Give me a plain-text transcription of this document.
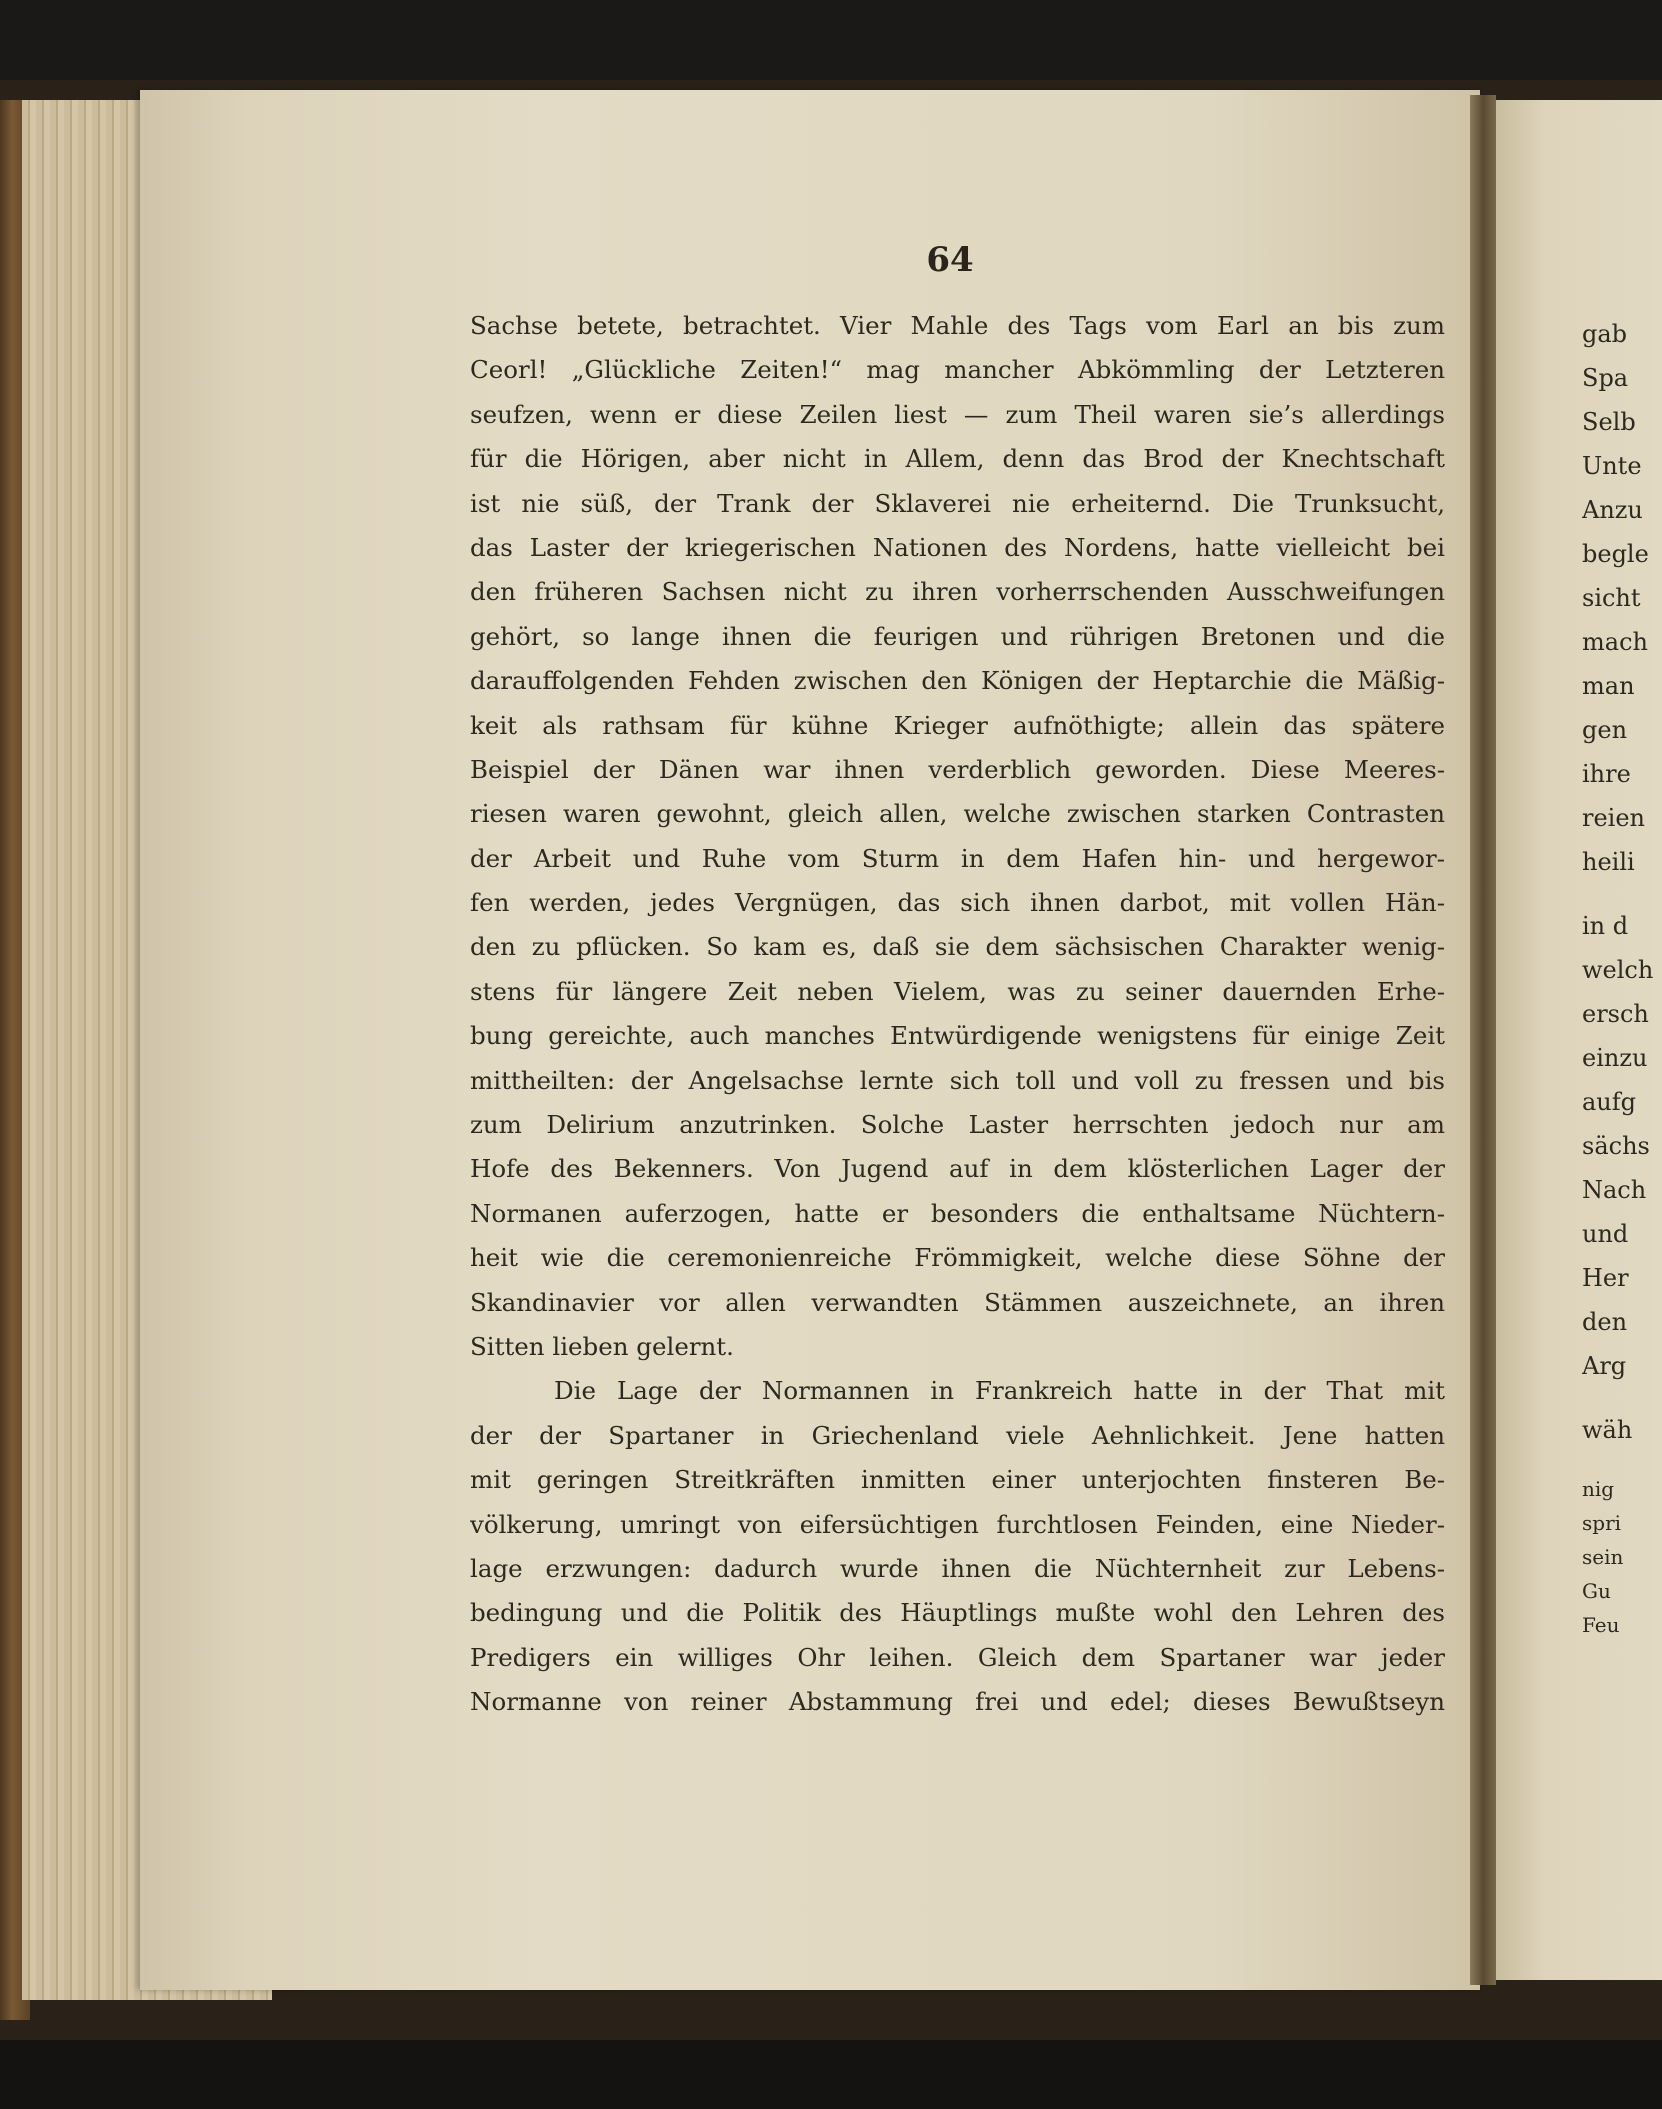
64
Sachse betete, betrachtet. Vier Mahle des Tags vom Earl an bis zum
Ceorl! „Glückliche Zeiten!“ mag mancher Abkömmling der Letzteren
seufzen, wenn er diese Zeilen liest — zum Theil waren sie’s allerdings
für die Hörigen, aber nicht in Allem, denn das Brod der Knechtschaft
ist nie süß, der Trank der Sklaverei nie erheiternd. Die Trunksucht,
das Laster der kriegerischen Nationen des Nordens, hatte vielleicht bei
den früheren Sachsen nicht zu ihren vorherrschenden Ausschweifungen
gehört, so lange ihnen die feurigen und rührigen Bretonen und die
darauffolgenden Fehden zwischen den Königen der Heptarchie die Mäßig-
keit als rathsam für kühne Krieger aufnöthigte; allein das spätere
Beispiel der Dänen war ihnen verderblich geworden. Diese Meeres-
riesen waren gewohnt, gleich allen, welche zwischen starken Contrasten
der Arbeit und Ruhe vom Sturm in dem Hafen hin- und hergewor-
fen werden, jedes Vergnügen, das sich ihnen darbot, mit vollen Hän-
den zu pflücken. So kam es, daß sie dem sächsischen Charakter wenig-
stens für längere Zeit neben Vielem, was zu seiner dauernden Erhe-
bung gereichte, auch manches Entwürdigende wenigstens für einige Zeit
mittheilten: der Angelsachse lernte sich toll und voll zu fressen und bis
zum Delirium anzutrinken. Solche Laster herrschten jedoch nur am
Hofe des Bekenners. Von Jugend auf in dem klösterlichen Lager der
Normanen auferzogen, hatte er besonders die enthaltsame Nüchtern-
heit wie die ceremonienreiche Frömmigkeit, welche diese Söhne der
Skandinavier vor allen verwandten Stämmen auszeichnete, an ihren
Sitten lieben gelernt.
Die Lage der Normannen in Frankreich hatte in der That mit
der der Spartaner in Griechenland viele Aehnlichkeit. Jene hatten
mit geringen Streitkräften inmitten einer unterjochten finsteren Be-
völkerung, umringt von eifersüchtigen furchtlosen Feinden, eine Nieder-
lage erzwungen: dadurch wurde ihnen die Nüchternheit zur Lebens-
bedingung und die Politik des Häuptlings mußte wohl den Lehren des
Predigers ein williges Ohr leihen. Gleich dem Spartaner war jeder
Normanne von reiner Abstammung frei und edel; dieses Bewußtseyn
gab
Spa
Selb
Unte
Anzu
begle
sicht
mach
man
gen
ihre
reien
heili
in d
welch
ersch
einzu
aufg
sächs
Nach
und
Her
den
Arg
wäh
nig
spri
sein
Gu
Feu
